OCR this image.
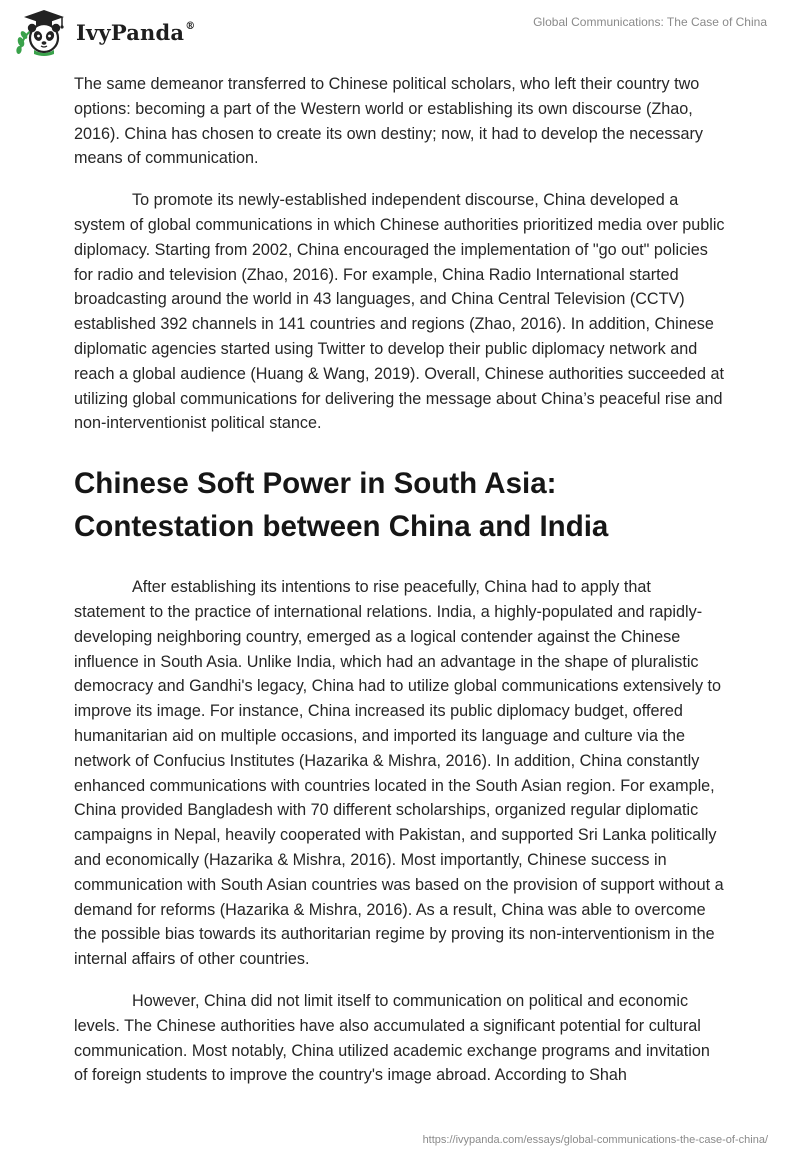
IvyPanda®	Global Communications: The Case of China

The same demeanor transferred to Chinese political scholars, who left their country two options: becoming a part of the Western world or establishing its own discourse (Zhao, 2016). China has chosen to create its own destiny; now, it had to develop the necessary means of communication.

To promote its newly-established independent discourse, China developed a system of global communications in which Chinese authorities prioritized media over public diplomacy. Starting from 2002, China encouraged the implementation of "go out" policies for radio and television (Zhao, 2016). For example, China Radio International started broadcasting around the world in 43 languages, and China Central Television (CCTV) established 392 channels in 141 countries and regions (Zhao, 2016). In addition, Chinese diplomatic agencies started using Twitter to develop their public diplomacy network and reach a global audience (Huang & Wang, 2019). Overall, Chinese authorities succeeded at utilizing global communications for delivering the message about China’s peaceful rise and non-interventionist political stance.

Chinese Soft Power in South Asia: Contestation between China and India

After establishing its intentions to rise peacefully, China had to apply that statement to the practice of international relations. India, a highly-populated and rapidly-developing neighboring country, emerged as a logical contender against the Chinese influence in South Asia. Unlike India, which had an advantage in the shape of pluralistic democracy and Gandhi's legacy, China had to utilize global communications extensively to improve its image. For instance, China increased its public diplomacy budget, offered humanitarian aid on multiple occasions, and imported its language and culture via the network of Confucius Institutes (Hazarika & Mishra, 2016). In addition, China constantly enhanced communications with countries located in the South Asian region. For example, China provided Bangladesh with 70 different scholarships, organized regular diplomatic campaigns in Nepal, heavily cooperated with Pakistan, and supported Sri Lanka politically and economically (Hazarika & Mishra, 2016). Most importantly, Chinese success in communication with South Asian countries was based on the provision of support without a demand for reforms (Hazarika & Mishra, 2016). As a result, China was able to overcome the possible bias towards its authoritarian regime by proving its non-interventionism in the internal affairs of other countries.

However, China did not limit itself to communication on political and economic levels. The Chinese authorities have also accumulated a significant potential for cultural communication. Most notably, China utilized academic exchange programs and invitation of foreign students to improve the country's image abroad. According to Shah

https://ivypanda.com/essays/global-communications-the-case-of-china/
